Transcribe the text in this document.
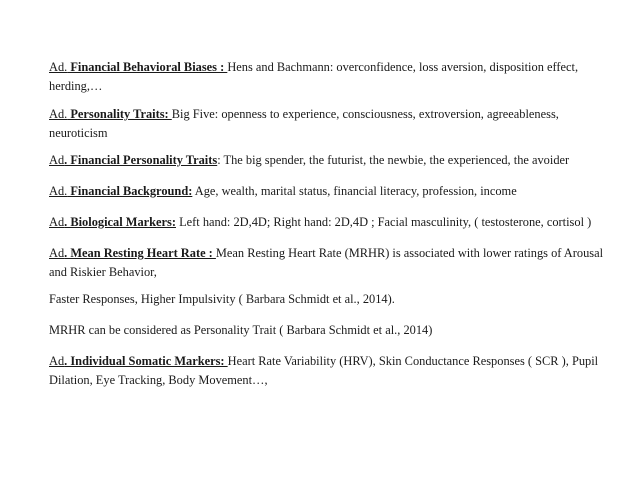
Ad. Financial Behavioral Biases : Hens and Bachmann: overconfidence, loss aversion, disposition effect, herding,…

Ad. Personality Traits: Big Five: openness to experience, consciousness, extroversion, agreeableness, neuroticism

Ad. Financial Personality Traits: The big spender, the futurist, the newbie, the experienced, the avoider

Ad. Financial Background: Age, wealth, marital status, financial literacy, profession, income

Ad. Biological Markers: Left hand: 2D,4D; Right hand: 2D,4D ; Facial masculinity, ( testosterone, cortisol )

Ad. Mean Resting Heart Rate : Mean Resting Heart Rate (MRHR) is associated with lower ratings of Arousal and Riskier Behavior,

Faster Responses, Higher Impulsivity ( Barbara Schmidt et al., 2014).

MRHR can be considered as Personality Trait ( Barbara Schmidt et al., 2014)

Ad. Individual Somatic Markers: Heart Rate Variability (HRV), Skin Conductance Responses ( SCR ), Pupil Dilation, Eye Tracking, Body Movement…,
